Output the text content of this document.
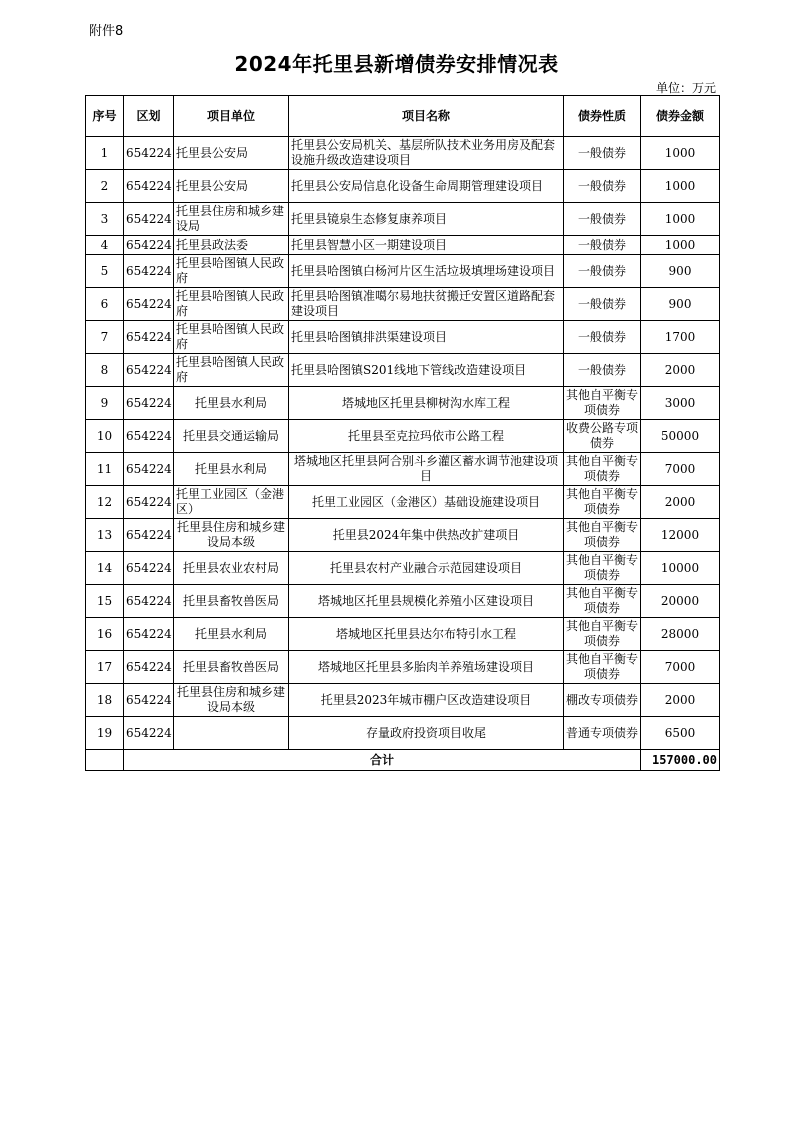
附件8
2024年托里县新增债券安排情况表
单位：万元
序号	区划	项目单位	项目名称	债券性质	债券金额
1	654224	托里县公安局	托里县公安局机关、基层所队技术业务用房及配套设施升级改造建设项目	一般债券	1000
2	654224	托里县公安局	托里县公安局信息化设备生命周期管理建设项目	一般债券	1000
3	654224	托里县住房和城乡建设局	托里县镜泉生态修复康养项目	一般债券	1000
4	654224	托里县政法委	托里县智慧小区一期建设项目	一般债券	1000
5	654224	托里县哈图镇人民政府	托里县哈图镇白杨河片区生活垃圾填埋场建设项目	一般债券	900
6	654224	托里县哈图镇人民政府	托里县哈图镇准噶尔易地扶贫搬迁安置区道路配套建设项目	一般债券	900
7	654224	托里县哈图镇人民政府	托里县哈图镇排洪渠建设项目	一般债券	1700
8	654224	托里县哈图镇人民政府	托里县哈图镇S201线地下管线改造建设项目	一般债券	2000
9	654224	托里县水利局	塔城地区托里县柳树沟水库工程	其他自平衡专项债券	3000
10	654224	托里县交通运输局	托里县至克拉玛依市公路工程	收费公路专项债券	50000
11	654224	托里县水利局	塔城地区托里县阿合别斗乡灌区蓄水调节池建设项目	其他自平衡专项债券	7000
12	654224	托里工业园区（金港区）	托里工业园区（金港区）基础设施建设项目	其他自平衡专项债券	2000
13	654224	托里县住房和城乡建设局本级	托里县2024年集中供热改扩建项目	其他自平衡专项债券	12000
14	654224	托里县农业农村局	托里县农村产业融合示范园建设项目	其他自平衡专项债券	10000
15	654224	托里县畜牧兽医局	塔城地区托里县规模化养殖小区建设项目	其他自平衡专项债券	20000
16	654224	托里县水利局	塔城地区托里县达尔布特引水工程	其他自平衡专项债券	28000
17	654224	托里县畜牧兽医局	塔城地区托里县多胎肉羊养殖场建设项目	其他自平衡专项债券	7000
18	654224	托里县住房和城乡建设局本级	托里县2023年城市棚户区改造建设项目	棚改专项债券	2000
19	654224		存量政府投资项目收尾	普通专项债券	6500
	合计				157000.00
